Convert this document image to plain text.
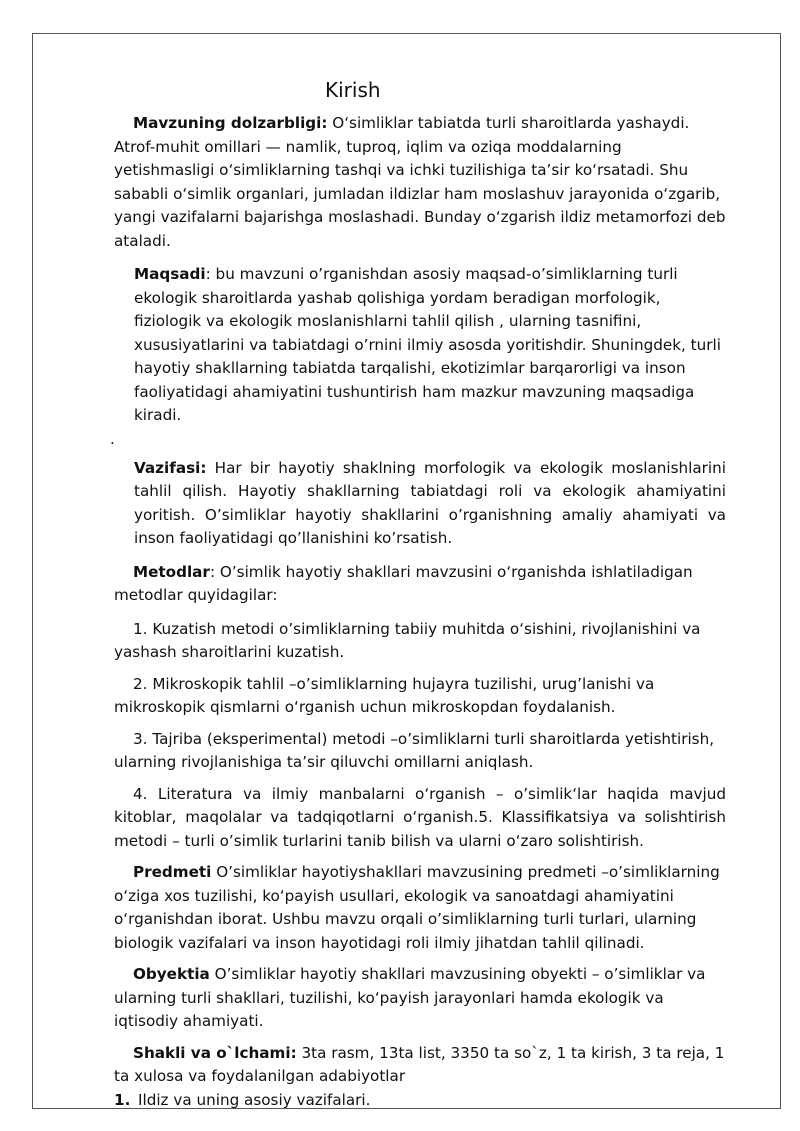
Kirish

Mavzuning dolzarbligi: O‘simliklar tabiatda turli sharoitlarda yashaydi. Atrof-muhit omillari — namlik, tuproq, iqlim va oziqa moddalarning yetishmasligi o‘simliklarning tashqi va ichki tuzilishiga ta’sir ko‘rsatadi. Shu sababli o‘simlik organlari, jumladan ildizlar ham moslashuv jarayonida o‘zgarib, yangi vazifalarni bajarishga moslashadi. Bunday o‘zgarish ildiz metamorfozi deb ataladi.

Maqsadi: bu mavzuni o’rganishdan asosiy maqsad-o’simliklarning turli ekologik sharoitlarda yashab qolishiga yordam beradigan morfologik, fiziologik va ekologik moslanishlarni tahlil qilish , ularning tasnifini, xususiyatlarini va tabiatdagi o’rnini ilmiy asosda yoritishdir. Shuningdek, turli hayotiy shakllarning tabiatda tarqalishi, ekotizimlar barqarorligi va inson faoliyatidagi ahamiyatini tushuntirish ham mazkur mavzuning maqsadiga kiradi.

.

Vazifasi: Har bir hayotiy shaklning morfologik va ekologik moslanishlarini tahlil qilish. Hayotiy shakllarning tabiatdagi roli va ekologik ahamiyatini yoritish. O’simliklar hayotiy shakllarini o’rganishning amaliy ahamiyati va inson faoliyatidagi qo’llanishini ko’rsatish.

Metodlar: O’simlik hayotiy shakllari mavzusini o‘rganishda ishlatiladigan metodlar quyidagilar:

1. Kuzatish metodi o’simliklarning tabiiy muhitda o‘sishini, rivojlanishini va yashash sharoitlarini kuzatish.

2. Mikroskopik tahlil –o’simliklarning hujayra tuzilishi, urug’lanishi va mikroskopik qismlarni o‘rganish uchun mikroskopdan foydalanish.

3. Tajriba (eksperimental) metodi –o’simliklarni turli sharoitlarda yetishtirish, ularning rivojlanishiga ta’sir qiluvchi omillarni aniqlash.

4. Literatura va ilmiy manbalarni o‘rganish – o’simlik‘lar haqida mavjud kitoblar, maqolalar va tadqiqotlarni o‘rganish.5. Klassifikatsiya va solishtirish metodi – turli o’simlik turlarini tanib bilish va ularni o‘zaro solishtirish.

Predmeti O’simliklar hayotiyshakllari mavzusining predmeti –o’simliklarning o‘ziga xos tuzilishi, ko‘payish usullari, ekologik va sanoatdagi ahamiyatini o‘rganishdan iborat. Ushbu mavzu orqali o’simliklarning turli turlari, ularning biologik vazifalari va inson hayotidagi roli ilmiy jihatdan tahlil qilinadi.

Obyektia O’simliklar hayotiy shakllari mavzusining obyekti – o’simliklar va ularning turli shakllari, tuzilishi, ko‘payish jarayonlari hamda ekologik va iqtisodiy ahamiyati.

Shakli va o`lchami: 3ta rasm, 13ta list, 3350 ta so`z, 1 ta kirish, 3 ta reja, 1 ta xulosa va foydalanilgan adabiyotlar

1. Ildiz va uning asosiy vazifalari.
